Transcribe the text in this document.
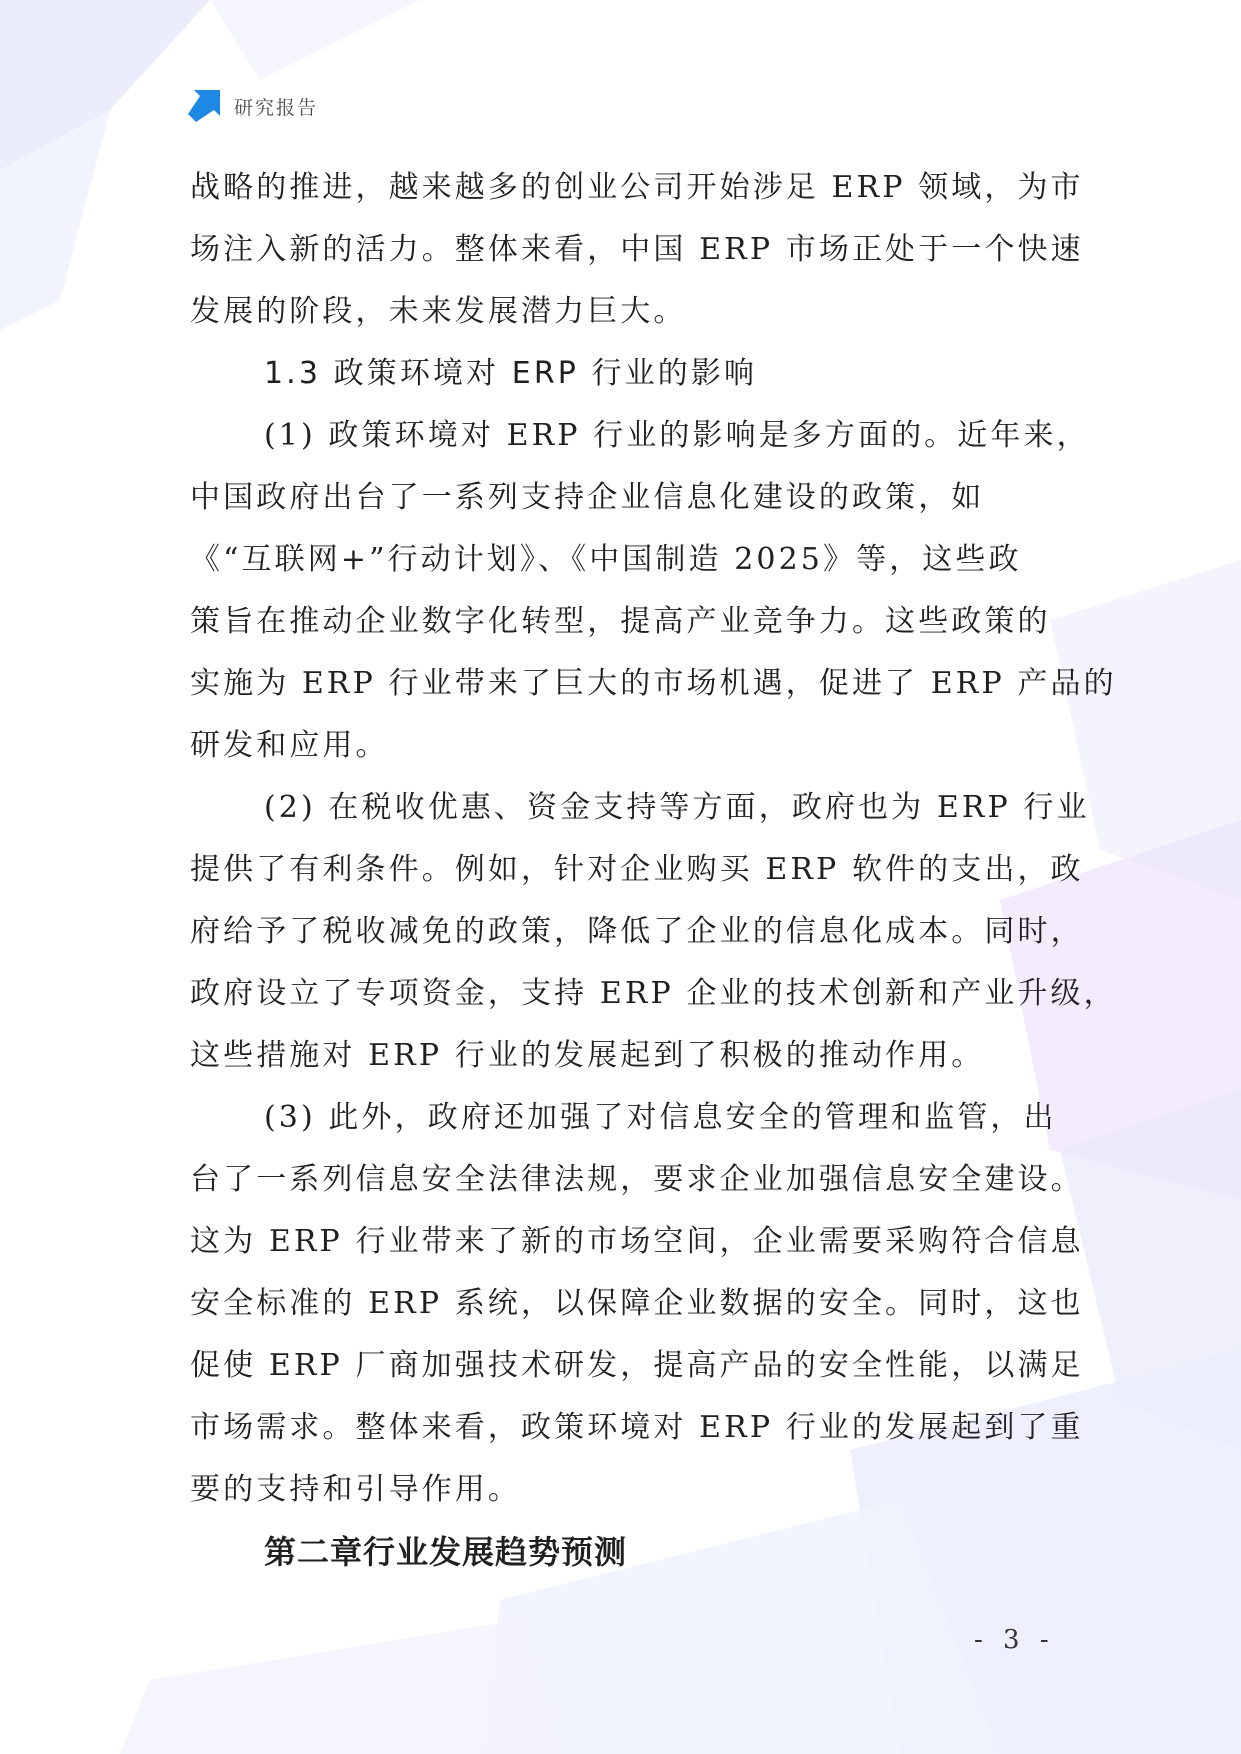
研究报告
战略的推进，越来越多的创业公司开始涉足 ERP 领域，为市
场注入新的活力。整体来看，中国 ERP 市场正处于一个快速
发展的阶段，未来发展潜力巨大。
1.3 政策环境对 ERP 行业的影响
(1) 政策环境对 ERP 行业的影响是多方面的。近年来，
中国政府出台了一系列支持企业信息化建设的政策，如
《“互联网+”行动计划》、《中国制造 2025》等，这些政
策旨在推动企业数字化转型，提高产业竞争力。这些政策的
实施为 ERP 行业带来了巨大的市场机遇，促进了 ERP 产品的
研发和应用。
(2) 在税收优惠、资金支持等方面，政府也为 ERP 行业
提供了有利条件。例如，针对企业购买 ERP 软件的支出，政
府给予了税收减免的政策，降低了企业的信息化成本。同时，
政府设立了专项资金，支持 ERP 企业的技术创新和产业升级，
这些措施对 ERP 行业的发展起到了积极的推动作用。
(3) 此外，政府还加强了对信息安全的管理和监管，出
台了一系列信息安全法律法规，要求企业加强信息安全建设。
这为 ERP 行业带来了新的市场空间，企业需要采购符合信息
安全标准的 ERP 系统，以保障企业数据的安全。同时，这也
促使 ERP 厂商加强技术研发，提高产品的安全性能，以满足
市场需求。整体来看，政策环境对 ERP 行业的发展起到了重
要的支持和引导作用。
第二章行业发展趋势预测
- 3 -
